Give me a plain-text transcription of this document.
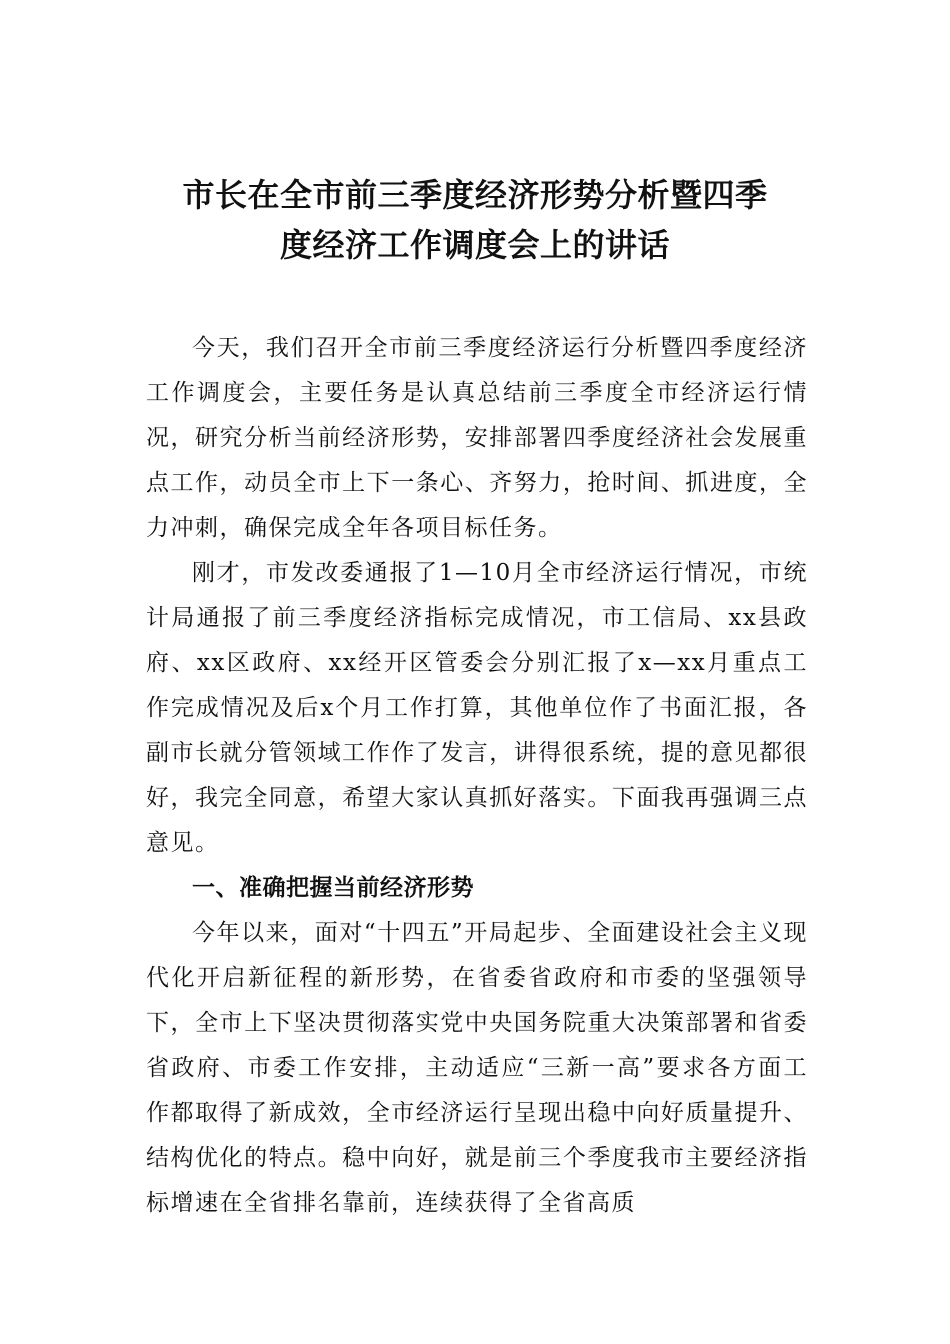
市长在全市前三季度经济形势分析暨四季
度经济工作调度会上的讲话

今天，我们召开全市前三季度经济运行分析暨四季度经济工作调度会，主要任务是认真总结前三季度全市经济运行情况，研究分析当前经济形势，安排部署四季度经济社会发展重点工作，动员全市上下一条心、齐努力，抢时间、抓进度，全力冲刺，确保完成全年各项目标任务。

刚才，市发改委通报了1—10月全市经济运行情况，市统计局通报了前三季度经济指标完成情况，市工信局、xx县政府、xx区政府、xx经开区管委会分别汇报了x—xx月重点工作完成情况及后x个月工作打算，其他单位作了书面汇报，各副市长就分管领域工作作了发言，讲得很系统，提的意见都很好，我完全同意，希望大家认真抓好落实。下面我再强调三点意见。

一、准确把握当前经济形势

今年以来，面对“十四五”开局起步、全面建设社会主义现代化开启新征程的新形势，在省委省政府和市委的坚强领导下，全市上下坚决贯彻落实党中央国务院重大决策部署和省委省政府、市委工作安排，主动适应“三新一高”要求各方面工作都取得了新成效，全市经济运行呈现出稳中向好质量提升、结构优化的特点。稳中向好，就是前三个季度我市主要经济指标增速在全省排名靠前，连续获得了全省高质
